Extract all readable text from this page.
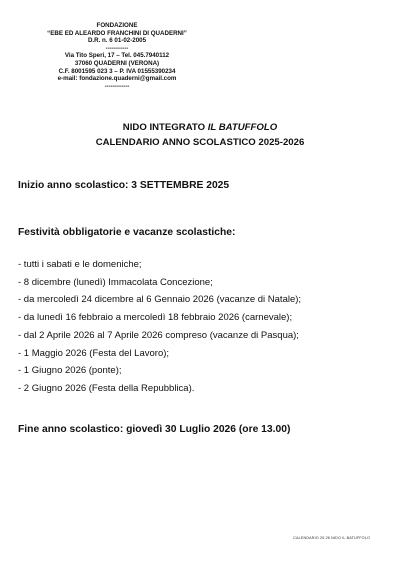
FONDAZIONE
“EBE ED ALEARDO FRANCHINI DI QUADERNI”
D.R. n. 6 01-02-2005
-----------
Via Tito Speri, 17 – Tel. 045.7940112
37060 QUADERNI (VERONA)
C.F. 8001595 023 3 – P. IVA 01555390234
e-mail: fondazione.quaderni@gmail.com
------------
NIDO INTEGRATO IL BATUFFOLO
CALENDARIO ANNO SCOLASTICO 2025-2026
Inizio anno scolastico: 3 SETTEMBRE 2025
Festività obbligatorie e vacanze scolastiche:
- tutti i sabati e le domeniche;
- 8 dicembre (lunedì) Immacolata Concezione;
- da mercoledì 24 dicembre al 6 Gennaio 2026 (vacanze di Natale);
- da lunedì 16 febbraio a mercoledì 18 febbraio 2026 (carnevale);
- dal 2 Aprile 2026 al 7 Aprile 2026 compreso (vacanze di Pasqua);
- 1 Maggio 2026 (Festa del Lavoro);
- 1 Giugno 2026 (ponte);
- 2 Giugno 2026 (Festa della Repubblica).
Fine anno scolastico: giovedì 30 Luglio 2026 (ore 13.00)
CALENDARIO 25 26 NIDO IL BATUFFOLO
